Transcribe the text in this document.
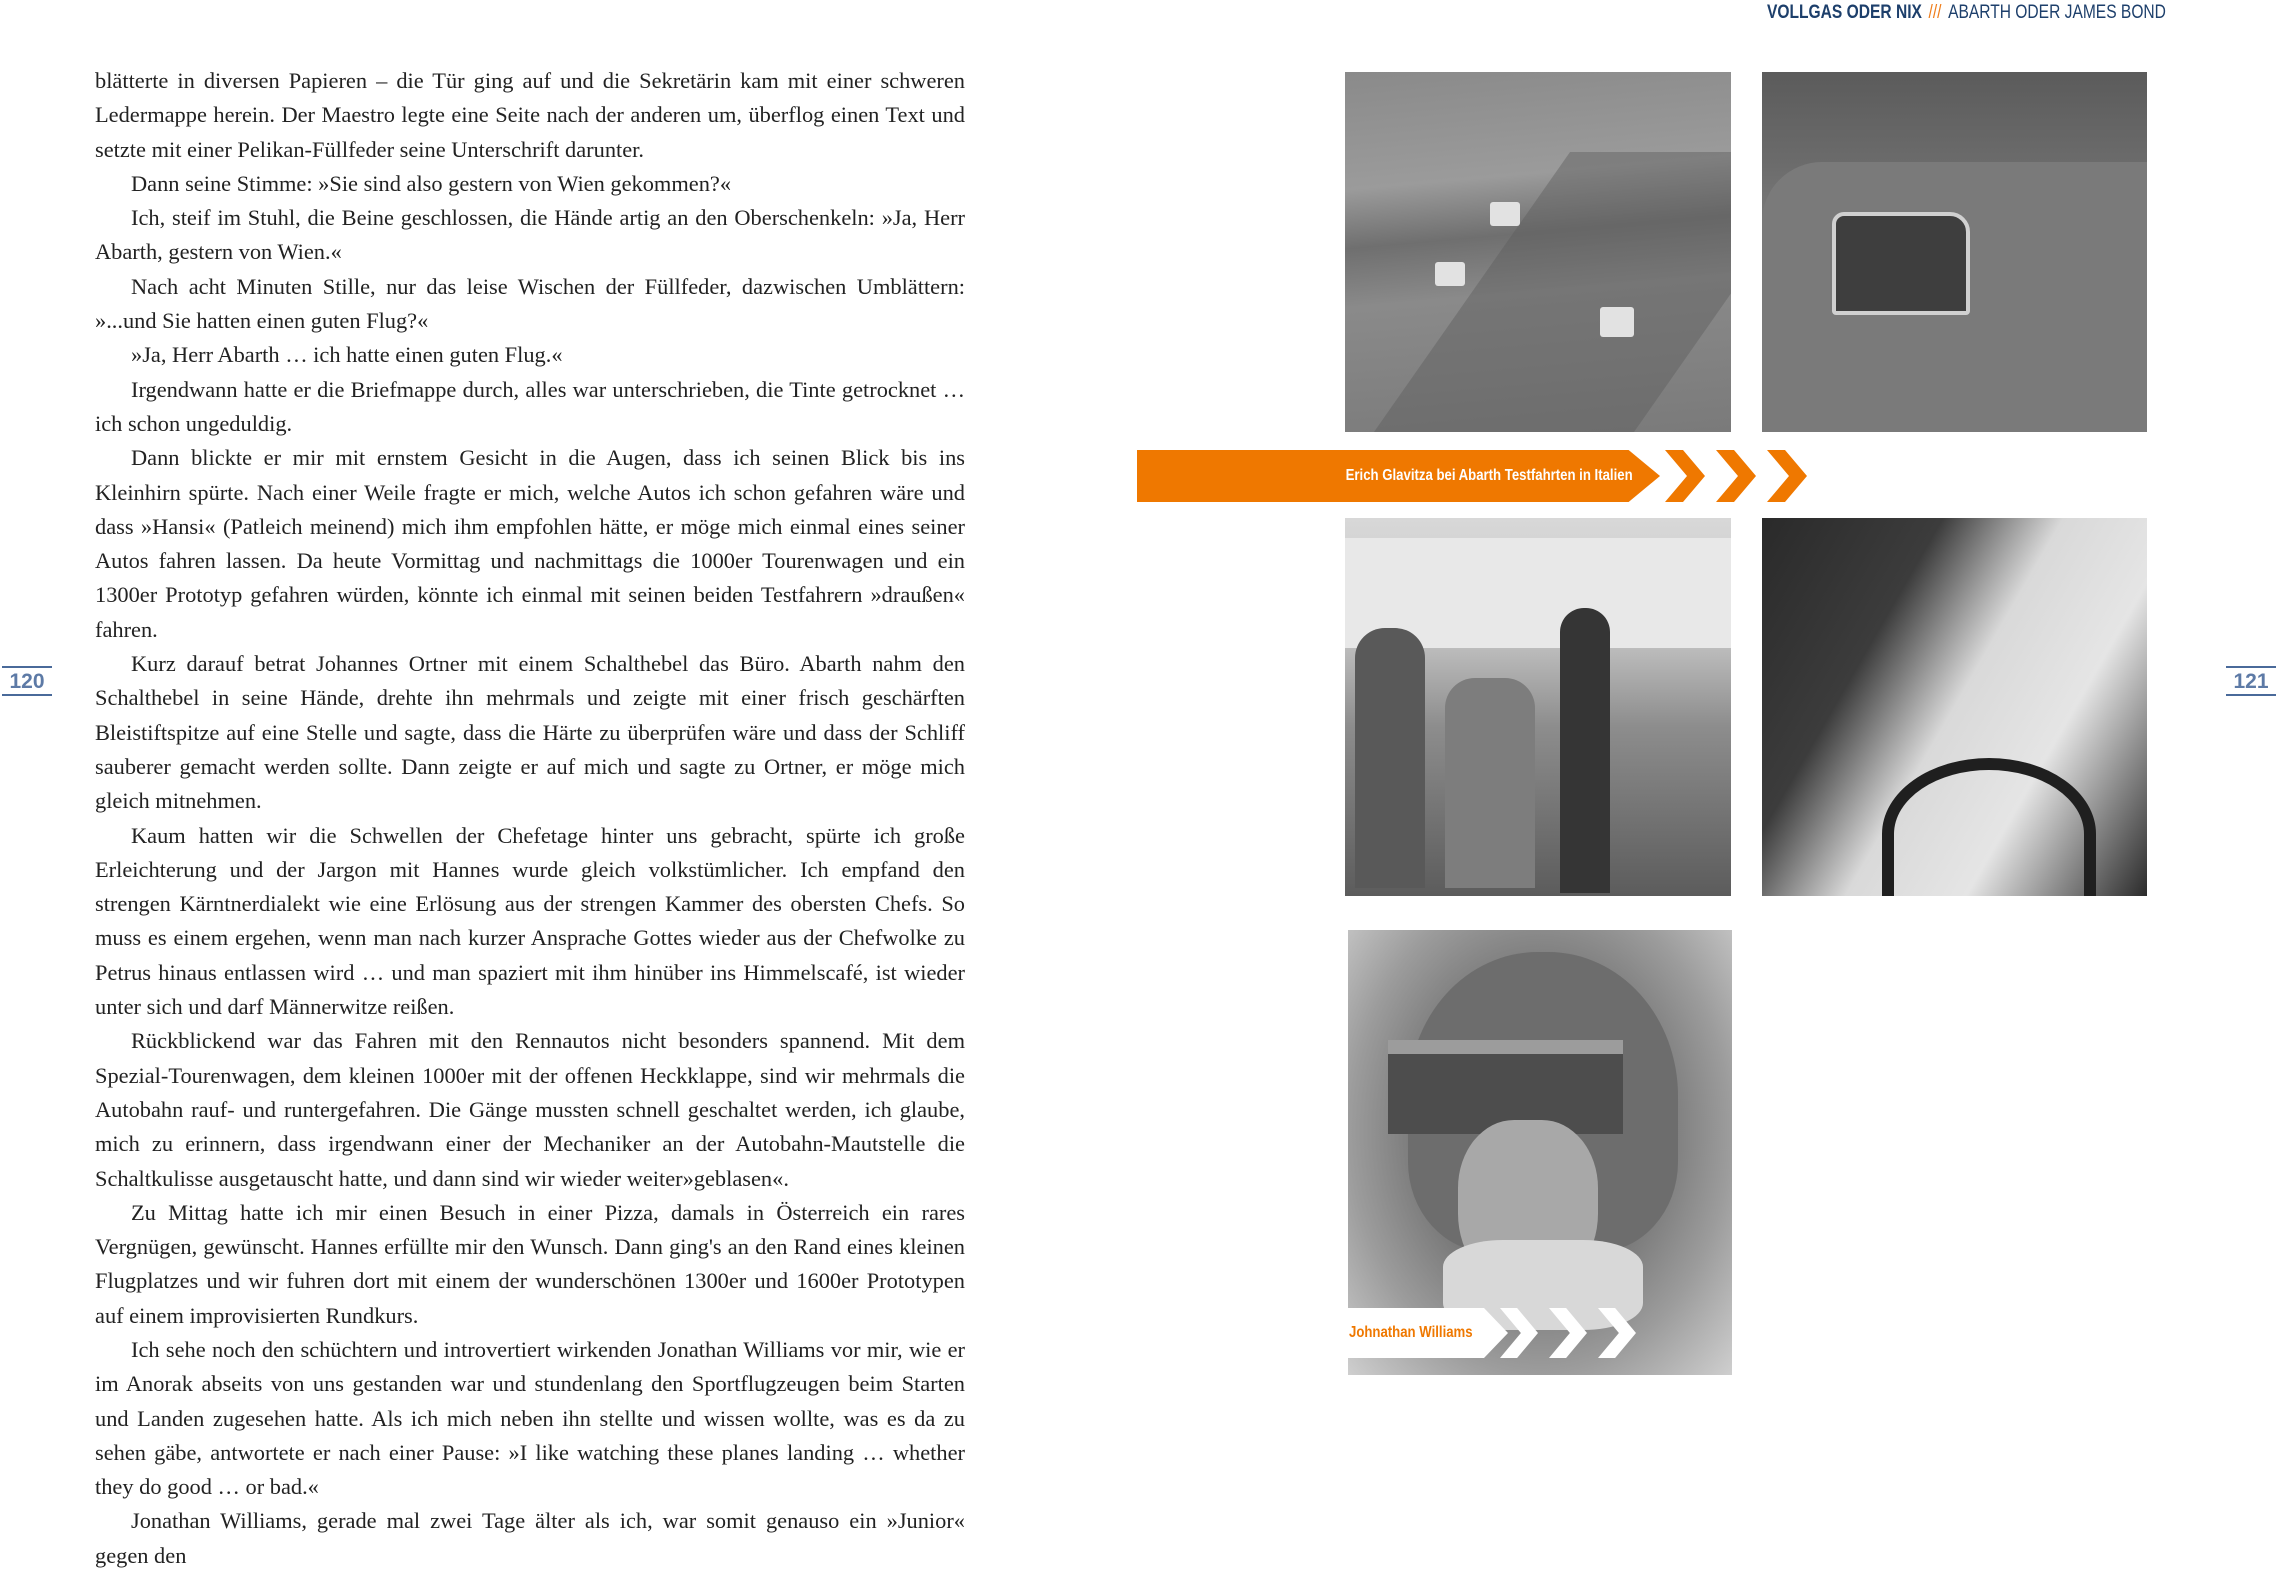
VOLLGAS ODER NIX /// ABARTH ODER JAMES BOND
120	121

blätterte in diversen Papieren – die Tür ging auf und die Sekretärin kam mit einer schweren Ledermappe herein. Der Maestro legte eine Seite nach der anderen um, überflog einen Text und setzte mit einer Pelikan-Füllfeder seine Unterschrift darunter.

Dann seine Stimme: »Sie sind also gestern von Wien gekommen?«

Ich, steif im Stuhl, die Beine geschlossen, die Hände artig an den Oberschenkeln: »Ja, Herr Abarth, gestern von Wien.«

Nach acht Minuten Stille, nur das leise Wischen der Füllfeder, dazwischen Umblättern: »...und Sie hatten einen guten Flug?«

»Ja, Herr Abarth … ich hatte einen guten Flug.«

Irgendwann hatte er die Briefmappe durch, alles war unterschrieben, die Tinte getrocknet … ich schon ungeduldig.

Dann blickte er mir mit ernstem Gesicht in die Augen, dass ich seinen Blick bis ins Kleinhirn spürte. Nach einer Weile fragte er mich, welche Autos ich schon gefahren wäre und dass »Hansi« (Patleich meinend) mich ihm empfohlen hätte, er möge mich einmal eines seiner Autos fahren lassen. Da heute Vormittag und nachmittags die 1000er Tourenwagen und ein 1300er Prototyp gefahren würden, könnte ich einmal mit seinen beiden Testfahrern »draußen« fahren.

Kurz darauf betrat Johannes Ortner mit einem Schalthebel das Büro. Abarth nahm den Schalthebel in seine Hände, drehte ihn mehrmals und zeigte mit einer frisch geschärften Bleistiftspitze auf eine Stelle und sagte, dass die Härte zu überprüfen wäre und dass der Schliff sauberer gemacht werden sollte. Dann zeigte er auf mich und sagte zu Ortner, er möge mich gleich mitnehmen.

Kaum hatten wir die Schwellen der Chefetage hinter uns gebracht, spürte ich große Erleichterung und der Jargon mit Hannes wurde gleich volkstümlicher. Ich empfand den strengen Kärntnerdialekt wie eine Erlösung aus der strengen Kammer des obersten Chefs. So muss es einem ergehen, wenn man nach kurzer Ansprache Gottes wieder aus der Chefwolke zu Petrus hinaus entlassen wird … und man spaziert mit ihm hinüber ins Himmelscafé, ist wieder unter sich und darf Männerwitze reißen.

Rückblickend war das Fahren mit den Rennautos nicht besonders spannend. Mit dem Spezial-Tourenwagen, dem kleinen 1000er mit der offenen Heckklappe, sind wir mehrmals die Autobahn rauf- und runtergefahren. Die Gänge mussten schnell geschaltet werden, ich glaube, mich zu erinnern, dass irgendwann einer der Mechaniker an der Autobahn-Mautstelle die Schaltkulisse ausgetauscht hatte, und dann sind wir wieder weiter»geblasen«.

Zu Mittag hatte ich mir einen Besuch in einer Pizza, damals in Österreich ein rares Vergnügen, gewünscht. Hannes erfüllte mir den Wunsch. Dann ging's an den Rand eines kleinen Flugplatzes und wir fuhren dort mit einem der wunderschönen 1300er und 1600er Prototypen auf einem improvisierten Rundkurs.

Ich sehe noch den schüchtern und introvertiert wirkenden Jonathan Williams vor mir, wie er im Anorak abseits von uns gestanden war und stundenlang den Sportflugzeugen beim Starten und Landen zugesehen hatte. Als ich mich neben ihn stellte und wissen wollte, was es da zu sehen gäbe, antwortete er nach einer Pause: »I like watching these planes landing … whether they do good … or bad.«

Jonathan Williams, gerade mal zwei Tage älter als ich, war somit genauso ein »Junior« gegen den

Erich Glavitza bei Abarth Testfahrten in Italien
Johnathan Williams
